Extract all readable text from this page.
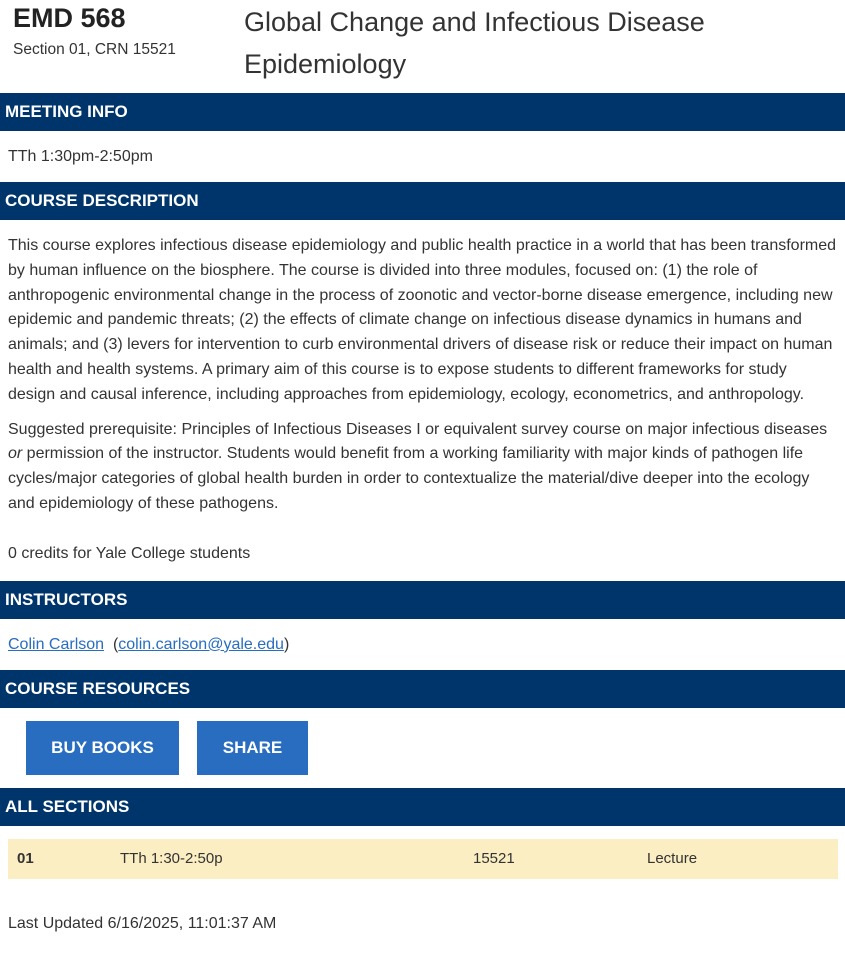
EMD 568
Section 01, CRN 15521
Global Change and Infectious Disease Epidemiology
MEETING INFO
TTh 1:30pm-2:50pm
COURSE DESCRIPTION

This course explores infectious disease epidemiology and public health practice in a world that has been transformed by human influence on the biosphere. The course is divided into three modules, focused on: (1) the role of anthropogenic environmental change in the process of zoonotic and vector-borne disease emergence, including new epidemic and pandemic threats; (2) the effects of climate change on infectious disease dynamics in humans and animals; and (3) levers for intervention to curb environmental drivers of disease risk or reduce their impact on human health and health systems. A primary aim of this course is to expose students to different frameworks for study design and causal inference, including approaches from epidemiology, ecology, econometrics, and anthropology.

Suggested prerequisite: Principles of Infectious Diseases I or equivalent survey course on major infectious diseases or permission of the instructor. Students would benefit from a working familiarity with major kinds of pathogen life cycles/major categories of global health burden in order to contextualize the material/dive deeper into the ecology and epidemiology of these pathogens.

0 credits for Yale College students
INSTRUCTORS
Colin Carlson (colin.carlson@yale.edu)
COURSE RESOURCES
BUY BOOKS	SHARE
ALL SECTIONS
01	TTh 1:30-2:50p	15521	Lecture
Last Updated 6/16/2025, 11:01:37 AM
